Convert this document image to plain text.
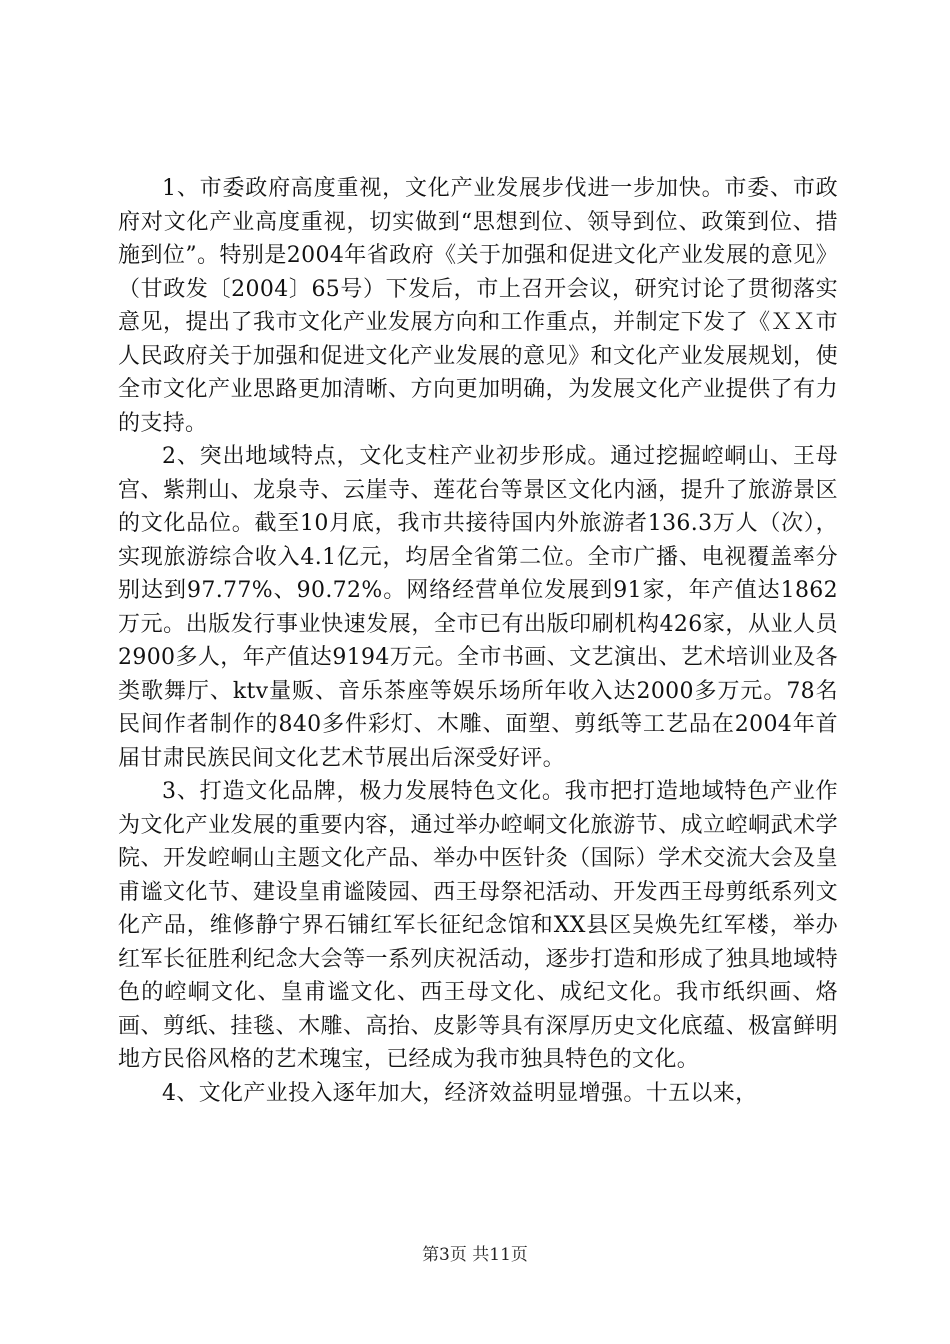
1、市委政府高度重视，文化产业发展步伐进一步加快。市委、市政府对文化产业高度重视，切实做到“思想到位、领导到位、政策到位、措施到位”。特别是2004年省政府《关于加强和促进文化产业发展的意见》（甘政发〔2004〕65号）下发后，市上召开会议，研究讨论了贯彻落实意见，提出了我市文化产业发展方向和工作重点，并制定下发了《ＸＸ市人民政府关于加强和促进文化产业发展的意见》和文化产业发展规划，使全市文化产业思路更加清晰、方向更加明确，为发展文化产业提供了有力的支持。

2、突出地域特点，文化支柱产业初步形成。通过挖掘崆峒山、王母宫、紫荆山、龙泉寺、云崖寺、莲花台等景区文化内涵，提升了旅游景区的文化品位。截至10月底，我市共接待国内外旅游者136.3万人（次），实现旅游综合收入4.1亿元，均居全省第二位。全市广播、电视覆盖率分别达到97.77%、90.72%。网络经营单位发展到91家，年产值达1862万元。出版发行事业快速发展，全市已有出版印刷机构426家，从业人员2900多人，年产值达9194万元。全市书画、文艺演出、艺术培训业及各类歌舞厅、ktv量贩、音乐茶座等娱乐场所年收入达2000多万元。78名民间作者制作的840多件彩灯、木雕、面塑、剪纸等工艺品在2004年首届甘肃民族民间文化艺术节展出后深受好评。

3、打造文化品牌，极力发展特色文化。我市把打造地域特色产业作为文化产业发展的重要内容，通过举办崆峒文化旅游节、成立崆峒武术学院、开发崆峒山主题文化产品、举办中医针灸（国际）学术交流大会及皇甫谧文化节、建设皇甫谧陵园、西王母祭祀活动、开发西王母剪纸系列文化产品，维修静宁界石铺红军长征纪念馆和XX县区吴焕先红军楼，举办红军长征胜利纪念大会等一系列庆祝活动，逐步打造和形成了独具地域特色的崆峒文化、皇甫谧文化、西王母文化、成纪文化。我市纸织画、烙画、剪纸、挂毯、木雕、高抬、皮影等具有深厚历史文化底蕴、极富鲜明地方民俗风格的艺术瑰宝，已经成为我市独具特色的文化。

4、文化产业投入逐年加大，经济效益明显增强。十五以来，

第3页 共11页
